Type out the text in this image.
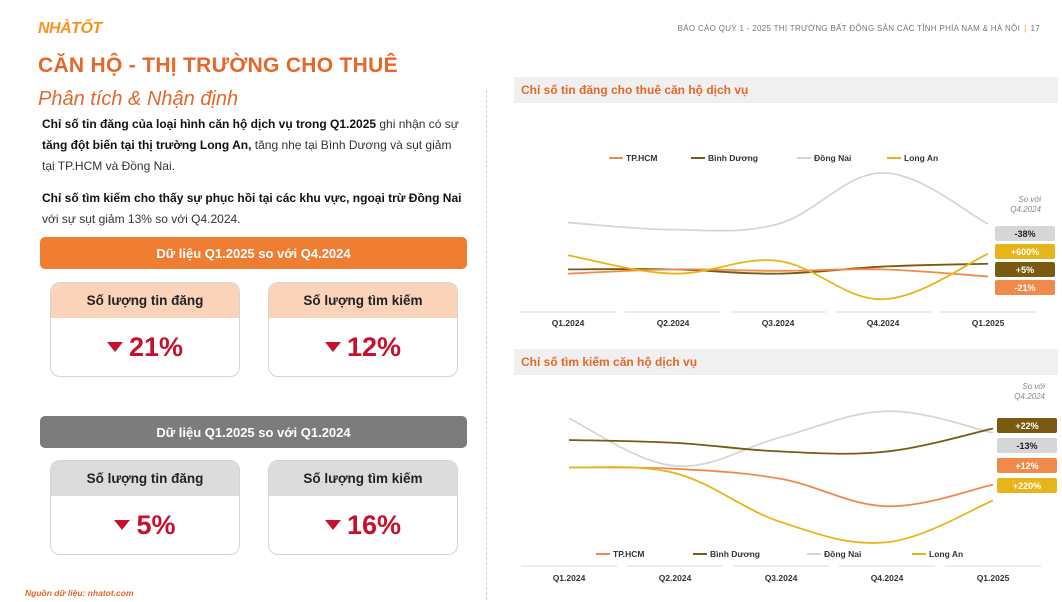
NHÀTỐT	BÁO CÁO QUÝ 1 - 2025 THỊ TRƯỜNG BẤT ĐỘNG SẢN CÁC TỈNH PHÍA NAM & HÀ NỘI | 17
CĂN HỘ - THỊ TRƯỜNG CHO THUÊ
Phân tích & Nhận định
Chỉ số tin đăng của loại hình căn hộ dịch vụ trong Q1.2025 ghi nhận có sự tăng đột biến tại thị trường Long An, tăng nhẹ tại Bình Dương và sụt giảm tại TP.HCM và Đồng Nai.
Chỉ số tìm kiếm cho thấy sự phục hồi tại các khu vực, ngoại trừ Đồng Nai với sự sụt giảm 13% so với Q4.2024.
Dữ liệu Q1.2025 so với Q4.2024
Số lượng tin đăng
21%
Số lượng tìm kiếm
12%
Dữ liệu Q1.2025 so với Q1.2024
Số lượng tin đăng
5%
Số lượng tìm kiếm
16%
Nguồn dữ liệu: nhatot.com
Chỉ số tin đăng cho thuê căn hộ dịch vụ
Q1.2024	Q2.2024	Q3.2024	Q4.2024	Q1.2025
TP.HCM	Bình Dương	Đồng Nai	Long An
So với Q4.2024
-38%
+600%
+5%
-21%
Chỉ số tìm kiếm căn hộ dịch vụ
Q1.2024	Q2.2024	Q3.2024	Q4.2024	Q1.2025
TP.HCM	Bình Dương	Đồng Nai	Long An
So với Q4.2024
+22%
-13%
+12%
+220%
